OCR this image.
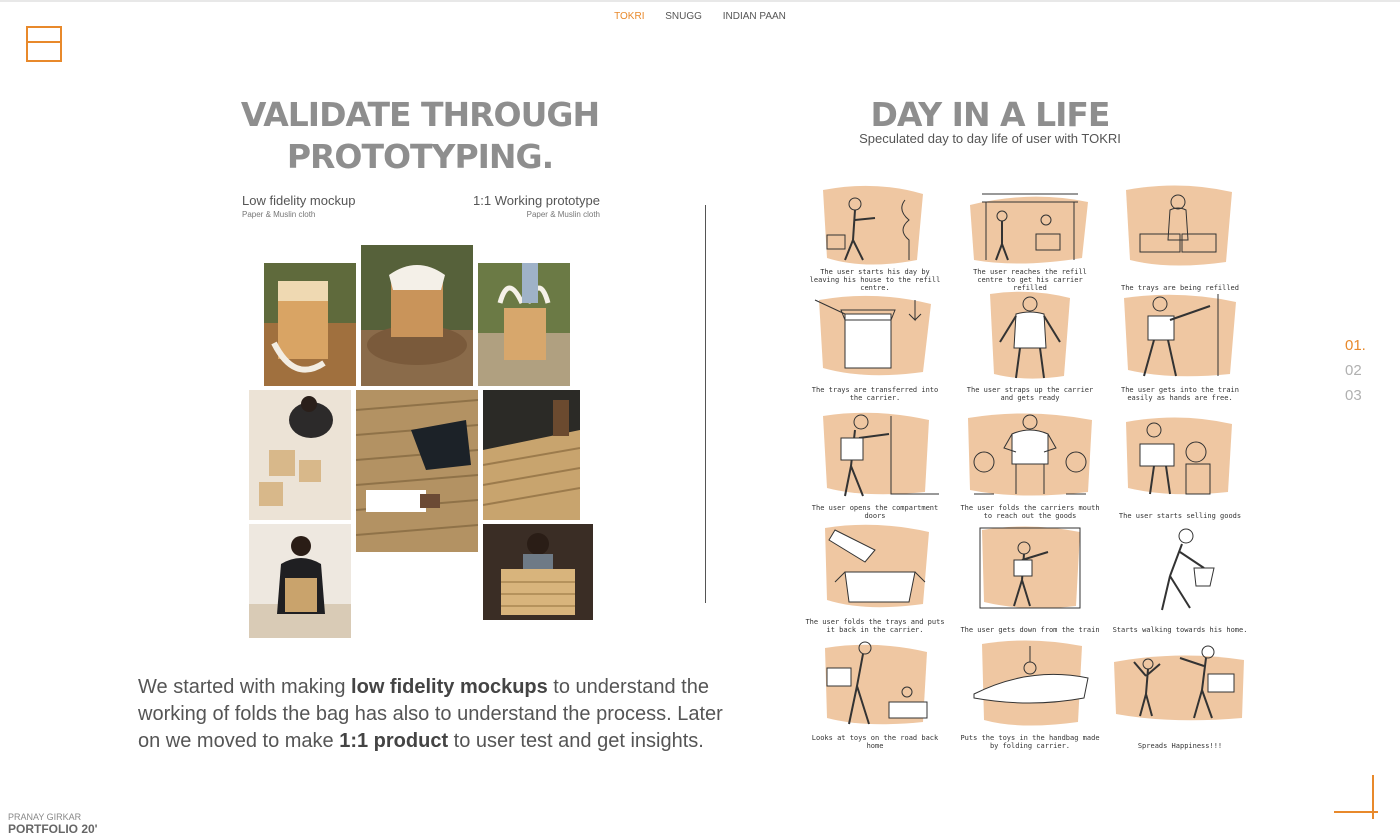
TOKRI SNUGG INDIAN PAAN
VALIDATE THROUGH
PROTOTYPING.
Low fidelity mockup
Paper & Muslin cloth
1:1 Working prototype
Paper & Muslin cloth
We started with making low fidelity mockups to understand the working of folds the bag has also to understand the process. Later on we moved to make 1:1 product to user test and get insights.
DAY IN A LIFE
Speculated day to day life of user with TOKRI
The user starts his day by leaving his house to the refill centre.
The user reaches the refill centre to get his carrier refilled	The trays are being refilled
The trays are transferred into the carrier.
The user straps up the carrier and gets ready
The user gets into the train easily as hands are free.
The user opens the compartment doors
The user folds the carriers mouth to reach out the goods	The user starts selling goods
The user folds the trays and puts it back in the carrier.	The user gets down from the train	Starts walking towards his home.
Looks at toys on the road back home
Puts the toys in the handbag made by folding carrier.	Spreads Happiness!!!
01.
02
03
PRANAY GIRKAR
PORTFOLIO 20'
